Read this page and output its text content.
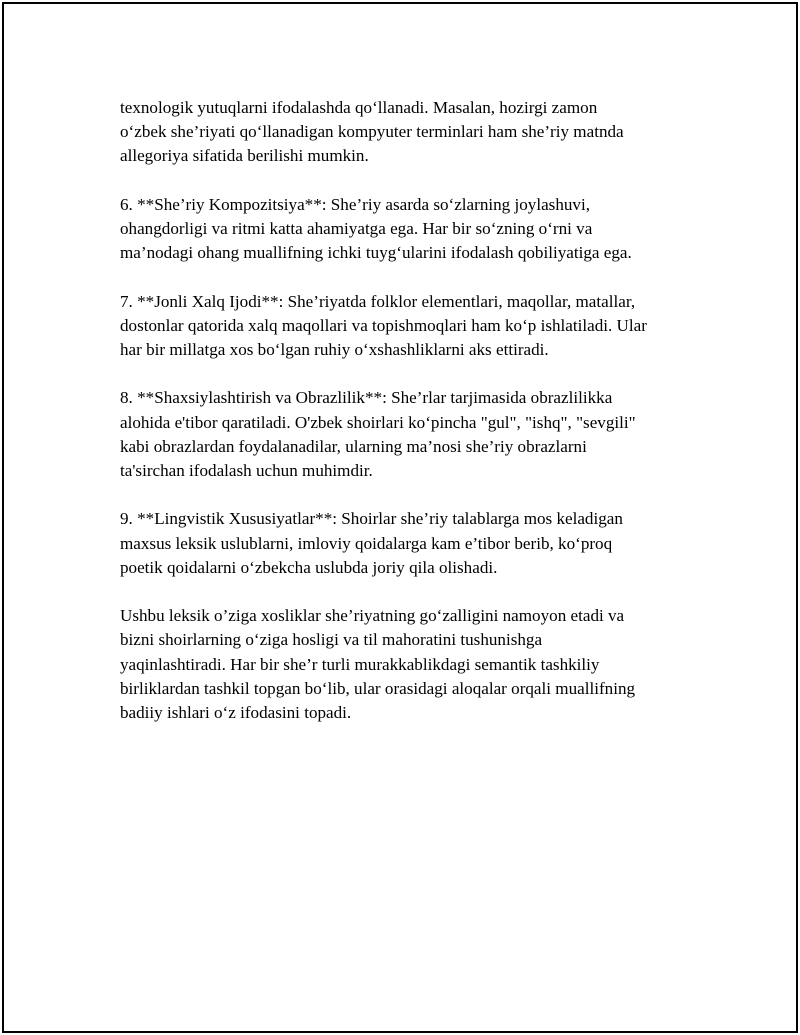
texnologik yutuqlarni ifodalashda qo‘llanadi. Masalan, hozirgi zamon
o‘zbek she’riyati qo‘llanadigan kompyuter terminlari ham she’riy matnda
allegoriya sifatida berilishi mumkin.

6. **She’riy Kompozitsiya**: She’riy asarda so‘zlarning joylashuvi,
ohangdorligi va ritmi katta ahamiyatga ega. Har bir so‘zning o‘rni va
ma’nodagi ohang muallifning ichki tuyg‘ularini ifodalash qobiliyatiga ega.

7. **Jonli Xalq Ijodi**: She’riyatda folklor elementlari, maqollar, matallar,
dostonlar qatorida xalq maqollari va topishmoqlari ham ko‘p ishlatiladi. Ular
har bir millatga xos bo‘lgan ruhiy o‘xshashliklarni aks ettiradi.

8. **Shaxsiylashtirish va Obrazlilik**: She’rlar tarjimasida obrazlilikka
alohida e'tibor qaratiladi. O'zbek shoirlari ko‘pincha "gul", "ishq", "sevgili"
kabi obrazlardan foydalanadilar, ularning ma’nosi she’riy obrazlarni
ta'sirchan ifodalash uchun muhimdir.

9. **Lingvistik Xususiyatlar**: Shoirlar she’riy talablarga mos keladigan
maxsus leksik uslublarni, imloviy qoidalarga kam e’tibor berib, ko‘proq
poetik qoidalarni o‘zbekcha uslubda joriy qila olishadi.

Ushbu leksik o’ziga xosliklar she’riyatning go‘zalligini namoyon etadi va
bizni shoirlarning o‘ziga hosligi va til mahoratini tushunishga
yaqinlashtiradi. Har bir she’r turli murakkablikdagi semantik tashkiliy
birliklardan tashkil topgan bo‘lib, ular orasidagi aloqalar orqali muallifning
badiiy ishlari o‘z ifodasini topadi.
